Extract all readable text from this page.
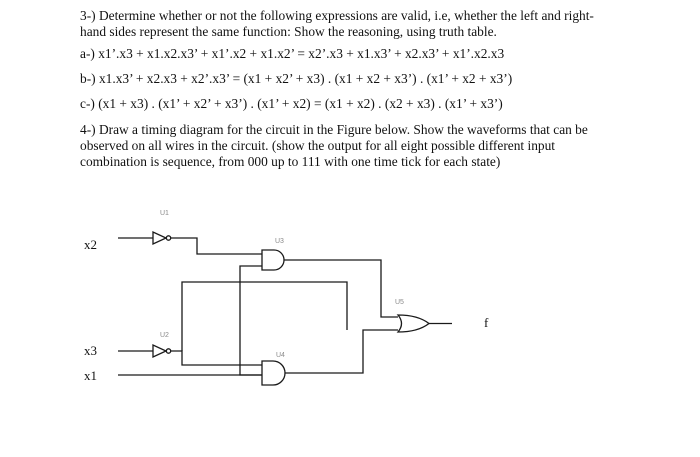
3-) Determine whether or not the following expressions are valid, i.e, whether the left and right-
hand sides represent the same function: Show the reasoning, using truth table.
a-) x1’.x3 + x1.x2.x3’ + x1’.x2 + x1.x2’ = x2’.x3 + x1.x3’ + x2.x3’ + x1’.x2.x3
b-) x1.x3’ + x2.x3 + x2’.x3’ = (x1 + x2’ + x3) . (x1 + x2 + x3’) . (x1’ + x2 + x3’)
c-) (x1 + x3) . (x1’ + x2’ + x3’) . (x1’ + x2) = (x1 + x2) . (x2 + x3) . (x1’ + x3’)
4-) Draw a timing diagram for the circuit in the Figure below. Show the waveforms that can be
observed on all wires in the circuit. (show the output for all eight possible different input
combination is sequence, from 000 up to 111 with one time tick for each state)
U1
U2
U3
U4
U5
x2
x3
x1
f
